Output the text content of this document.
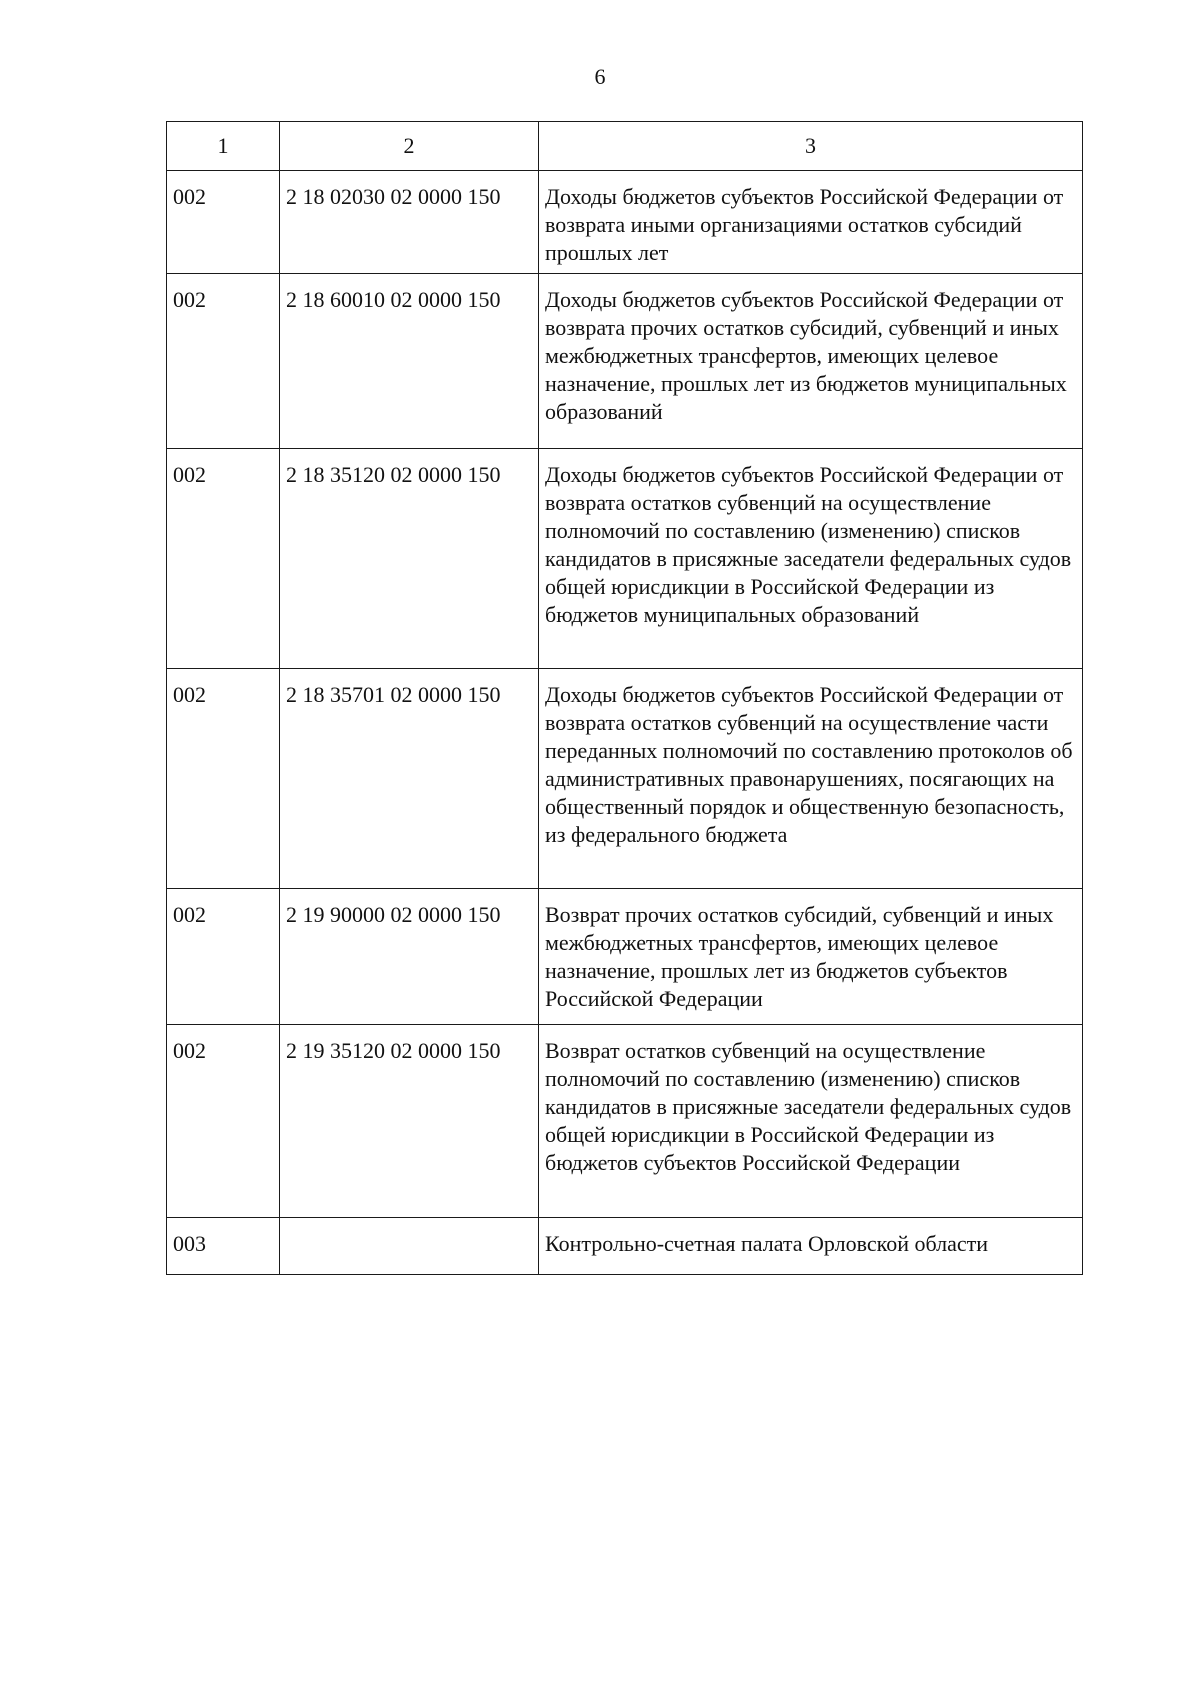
6
1	2	3
002	2 18 02030 02 0000 150	Доходы бюджетов субъектов Российской Федерации от возврата иными организациями остатков субсидий прошлых лет
002	2 18 60010 02 0000 150	Доходы бюджетов субъектов Российской Федерации от возврата прочих остатков субсидий, субвенций и иных межбюджетных трансфертов, имеющих целевое назначение, прошлых лет из бюджетов муниципальных образований
002	2 18 35120 02 0000 150	Доходы бюджетов субъектов Российской Федерации от возврата остатков субвенций на осуществление полномочий по составлению (изменению) списков кандидатов в присяжные заседатели федеральных судов общей юрисдикции в Российской Федерации из бюджетов муниципальных образований
002	2 18 35701 02 0000 150	Доходы бюджетов субъектов Российской Федерации от возврата остатков субвенций на осуществление части переданных полномочий по составлению протоколов об административных правонарушениях, посягающих на общественный порядок и общественную безопасность, из федерального бюджета
002	2 19 90000 02 0000 150	Возврат прочих остатков субсидий, субвенций и иных межбюджетных трансфертов, имеющих целевое назначение, прошлых лет из бюджетов субъектов Российской Федерации
002	2 19 35120 02 0000 150	Возврат остатков субвенций на осуществление полномочий по составлению (изменению) списков кандидатов в присяжные заседатели федеральных судов общей юрисдикции в Российской Федерации из бюджетов субъектов Российской Федерации
003		Контрольно-счетная палата Орловской области
